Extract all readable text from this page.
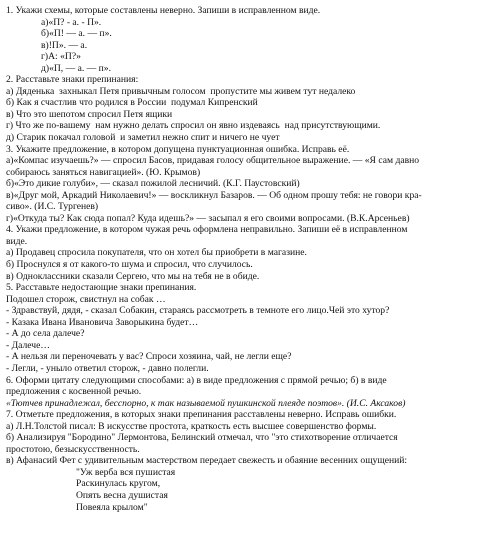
1. Укажи схемы, которые составлены неверно. Запиши в исправленном виде.
а)«П? - а. - П».
б)«П! — а. — п».
в)!П». — а.
г)А: «П?»
д)«П, — а. — п».
2. Расставьте знаки препинания:
а) Дяденька  захныкал Петя привычным голосом  пропустите мы живем тут недалеко
б) Как я счастлив что родился в России  подумал Кипренский
в) Что это шепотом спросил Петя ящики
г) Что же по-вашему  нам нужно делать спросил он явно издеваясь  над присутствующими.
д) Старик покачал головой  и заметил нежно спит и ничего не чует
3. Укажите предложение, в котором допущена пунктуационная ошибка. Исправь её.
а)«Компас изучаешь?» — спросил Басов, придавая голосу общительное выражение. — «Я сам давно
собираюсь заняться навигацией». (Ю. Крымов)
б)«Это дикие голуби», — сказал пожилой лесничий. (К.Г. Паустовский)
в)«Друг мой, Аркадий Николаевич!» — воскликнул Базаров. — Об одном прошу тебя: не говори кра-
сиво». (И.С. Тургенев)
г)«Откуда ты? Как сюда попал? Куда идешь?» — засыпал я его своими вопросами. (В.К.Арсеньев)
4. Укажи предложение, в котором чужая речь оформлена неправильно. Запиши её в исправленном
виде.
а) Продавец спросила покупателя, что он хотел бы приобрети в магазине.
б) Проснулся я от какого-то шума и спросил, что случилось.
в) Одноклассники сказали Сергею, что мы на тебя не в обиде.
5. Расставьте недостающие знаки препинания.
Подошел сторож, свистнул на собак …
- Здравствуй, дядя, - сказал Собакин, стараясь рассмотреть в темноте его лицо.Чей это хутор?
- Казака Ивана Ивановича Заворыкина будет…
- А до села далече?
- Далече…
- А нельзя ли переночевать у вас? Спроси хозяина, чай, не легли еще?
- Легли, - уныло ответил сторож, - давно полегли.
6. Оформи цитату следующими способами: а) в виде предложения с прямой речью; б) в виде
предложения с косвенной речью.
«Тютчев принадлежал, бесспорно, к так называемой пушкинской плеяде поэтов». (И.С. Аксаков)
7. Отметьте предложения, в которых знаки препинания расставлены неверно. Исправь ошибки.
а) Л.Н.Толстой писал: В искусстве простота, краткость есть высшее совершенство формы.
б) Анализируя "Бородино" Лермонтова, Белинский отмечал, что "это стихотворение отличается
простотою, безыскусственность.
в) Афанасий Фет с удивительным мастерством передает свежесть и обаяние весенних ощущений:
"Уж верба вся пушистая
Раскинулась кругом,
Опять весна душистая
Повеяла крылом"
